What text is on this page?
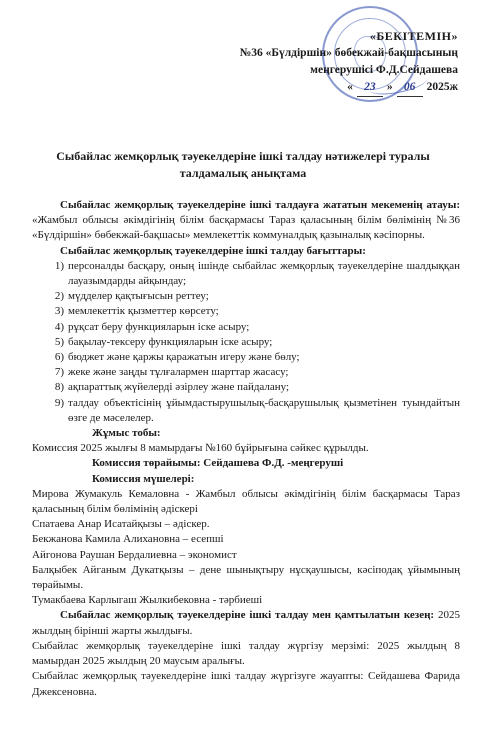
«БЕКІТЕМІН»
№36 «Бүлдіршін» бөбекжай-бақшасының
меңгерушісі Ф.Д.Сейдашева
« 23 » 06 2025ж
Сыбайлас жемқорлық тәуекелдеріне ішкі талдау нәтижелері туралы талдамалық анықтама

Сыбайлас жемқорлық тәуекелдеріне ішкі талдауға жататын мекеменің атауы: «Жамбыл облысы әкімдігінің білім басқармасы Тараз қаласының білім бөлімінің №36 «Бүлдіршін» бөбекжай-бақшасы» мемлекеттік коммуналдық қазыналық кәсіпорны.

Сыбайлас жемқорлық тәуекелдеріне ішкі талдау бағыттары:

1) персоналды басқару, оның ішінде сыбайлас жемқорлық тәуекелдеріне шалдыққан лауазымдарды айқындау;
2) мүдделер қақтығысын реттеу;
3) мемлекеттік қызметтер көрсету;
4) рұқсат беру функцияларын іске асыру;
5) бақылау-тексеру функцияларын іске асыру;
6) бюджет және қаржы қаражатын игеру және бөлу;
7) жеке және заңды тұлғалармен шарттар жасасу;
8) ақпараттық жүйелерді әзірлеу және пайдалану;
9) талдау объектісінің ұйымдастырушылық-басқарушылық қызметінен туындайтын өзге де мәселелер.

Жұмыс тобы:

Комиссия 2025 жылғы 8 мамырдағы №160 бұйрығына сәйкес құрылды.

Комиссия төрайымы: Сейдашева Ф.Д. -меңгеруші

Комиссия мүшелері:

Мирова Жумакуль Кемаловна - Жамбыл облысы әкімдігінің білім басқармасы Тараз қаласының білім бөлімінің әдіскері

Спатаева Анар Исатайқызы – әдіскер.

Бекжанова Камила Алихановна – есепші

Айгонова Раушан Бердалиевна – экономист

Балқыбек Айганым Дукатқызы – дене шынықтыру нұсқаушысы, кәсіподақ ұйымының төрайымы.

Тумакбаева Карлыгаш Жылкибековна - тәрбиеші

Сыбайлас жемқорлық тәуекелдеріне ішкі талдау мен қамтылатын кезең: 2025 жылдың бірінші жарты жылдығы.

Сыбайлас жемқорлық тәуекелдеріне ішкі талдау жүргізу мерзімі: 2025 жылдың 8 мамырдан 2025 жылдың 20 маусым аралығы.

Сыбайлас жемқорлық тәуекелдеріне ішкі талдау жүргізуге жауапты: Сейдашева Фарида Джексеновна.
